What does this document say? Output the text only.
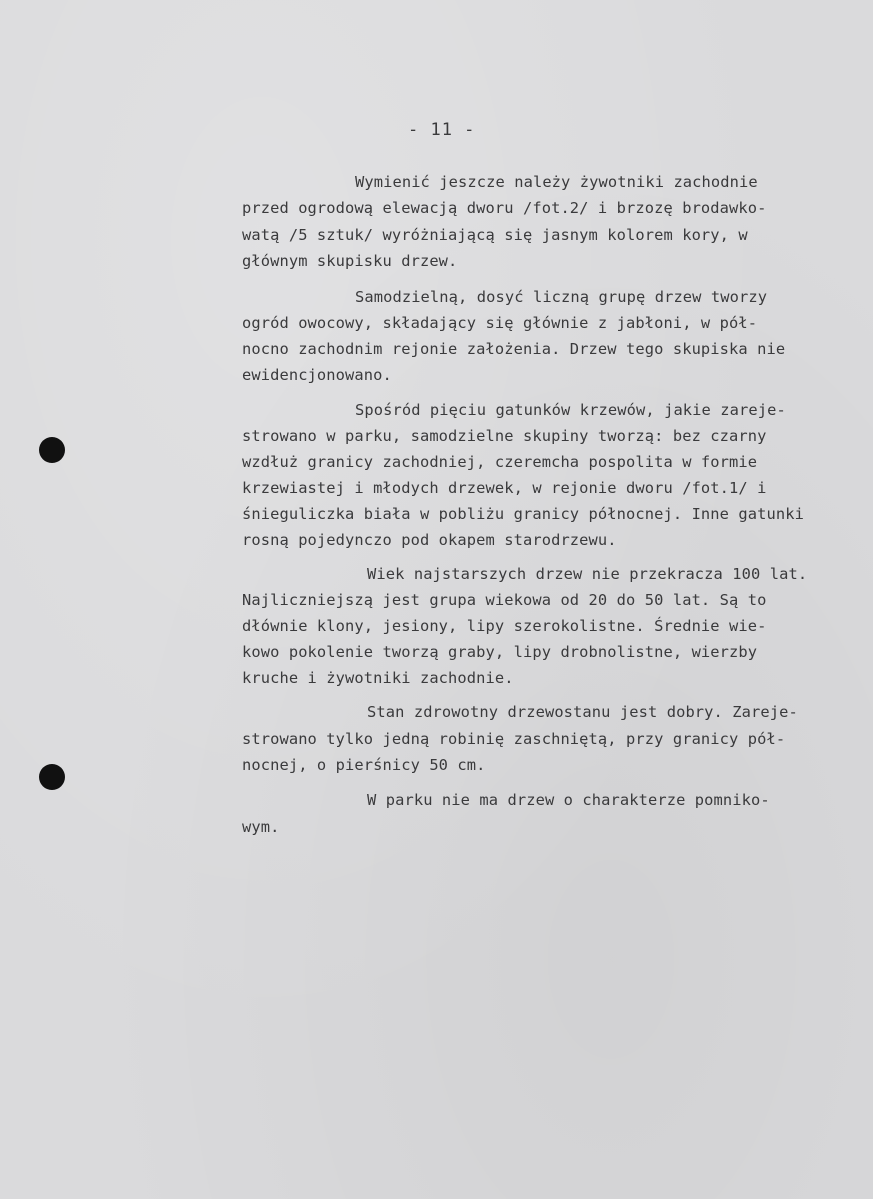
- 11 -
Wymienić jeszcze należy żywotniki zachodnie
przed ogrodową elewacją dworu /fot.2/ i brzozę brodawko-
watą /5 sztuk/ wyróżniającą się jasnym kolorem kory, w
głównym skupisku drzew.
Samodzielną, dosyć liczną grupę drzew tworzy
ogród owocowy, składający się głównie z jabłoni, w pół-
nocno zachodnim rejonie założenia. Drzew tego skupiska nie
ewidencjonowano.
Spośród pięciu gatunków krzewów, jakie zareje-
strowano w parku, samodzielne skupiny tworzą: bez czarny
wzdłuż granicy zachodniej, czeremcha pospolita w formie
krzewiastej i młodych drzewek, w rejonie dworu /fot.1/ i
śnieguliczka biała w pobliżu granicy północnej. Inne gatunki
rosną pojedynczo pod okapem starodrzewu.
Wiek najstarszych drzew nie przekracza 100 lat.
Najliczniejszą jest grupa wiekowa od 20 do 50 lat. Są to
dłównie klony, jesiony, lipy szerokolistne. Średnie wie-
kowo pokolenie tworzą graby, lipy drobnolistne, wierzby
kruche i żywotniki zachodnie.
Stan zdrowotny drzewostanu jest dobry. Zareje-
strowano tylko jedną robinię zaschniętą, przy granicy pół-
nocnej, o pierśnicy 50 cm.
W parku nie ma drzew o charakterze pomniko-
wym.
